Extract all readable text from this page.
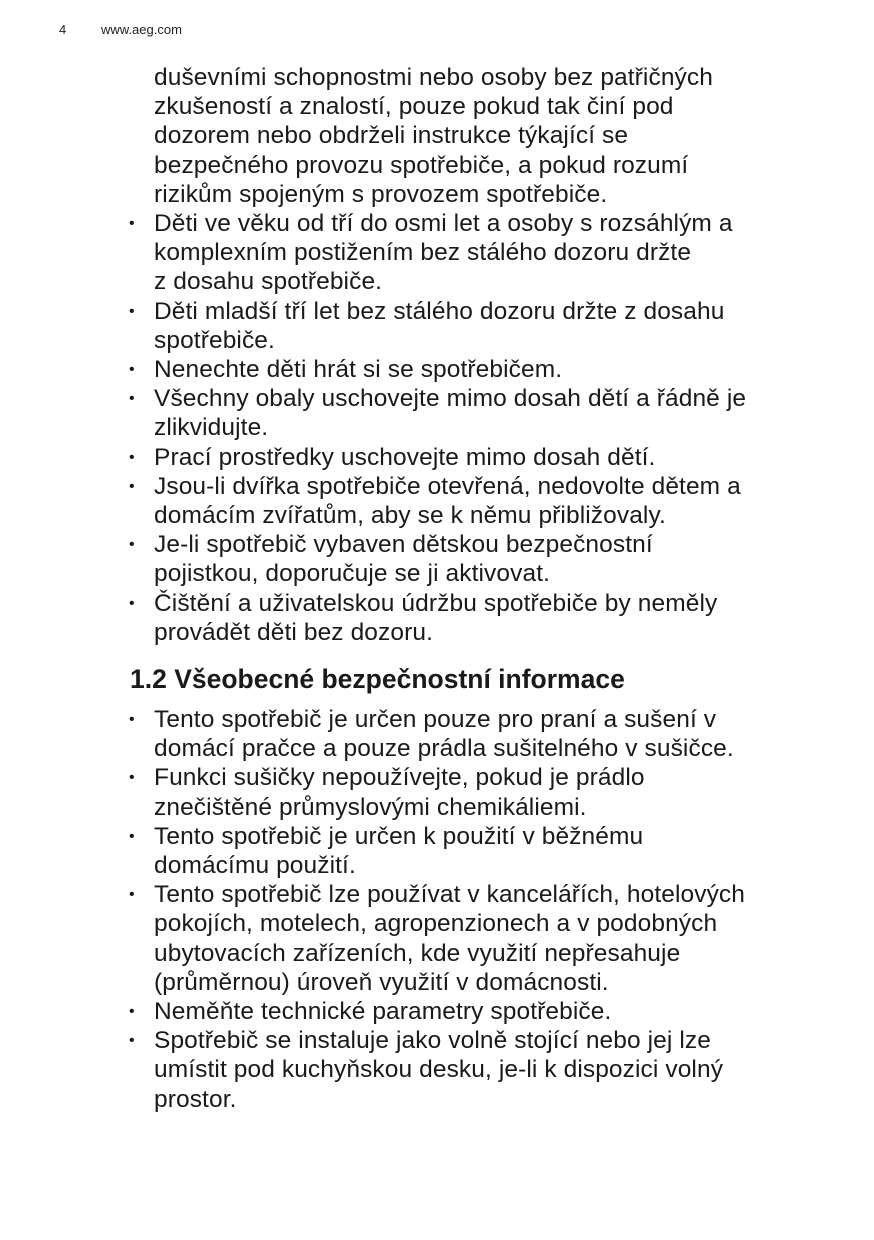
4	www.aeg.com
duševními schopnostmi nebo osoby bez patřičných
zkušeností a znalostí, pouze pokud tak činí pod
dozorem nebo obdrželi instrukce týkající se
bezpečného provozu spotřebiče, a pokud rozumí
rizikům spojeným s provozem spotřebiče.
• Děti ve věku od tří do osmi let a osoby s rozsáhlým a
komplexním postižením bez stálého dozoru držte
z dosahu spotřebiče.
• Děti mladší tří let bez stálého dozoru držte z dosahu
spotřebiče.
• Nenechte děti hrát si se spotřebičem.
• Všechny obaly uschovejte mimo dosah dětí a řádně je
zlikvidujte.
• Prací prostředky uschovejte mimo dosah dětí.
• Jsou-li dvířka spotřebiče otevřená, nedovolte dětem a
domácím zvířatům, aby se k němu přibližovaly.
• Je-li spotřebič vybaven dětskou bezpečnostní
pojistkou, doporučuje se ji aktivovat.
• Čištění a uživatelskou údržbu spotřebiče by neměly
provádět děti bez dozoru.
1.2 Všeobecné bezpečnostní informace
• Tento spotřebič je určen pouze pro praní a sušení v
domácí pračce a pouze prádla sušitelného v sušičce.
• Funkci sušičky nepoužívejte, pokud je prádlo
znečištěné průmyslovými chemikáliemi.
• Tento spotřebič je určen k použití v běžnému
domácímu použití.
• Tento spotřebič lze používat v kancelářích, hotelových
pokojích, motelech, agropenzionech a v podobných
ubytovacích zařízeních, kde využití nepřesahuje
(průměrnou) úroveň využití v domácnosti.
• Neměňte technické parametry spotřebiče.
• Spotřebič se instaluje jako volně stojící nebo jej lze
umístit pod kuchyňskou desku, je-li k dispozici volný
prostor.
